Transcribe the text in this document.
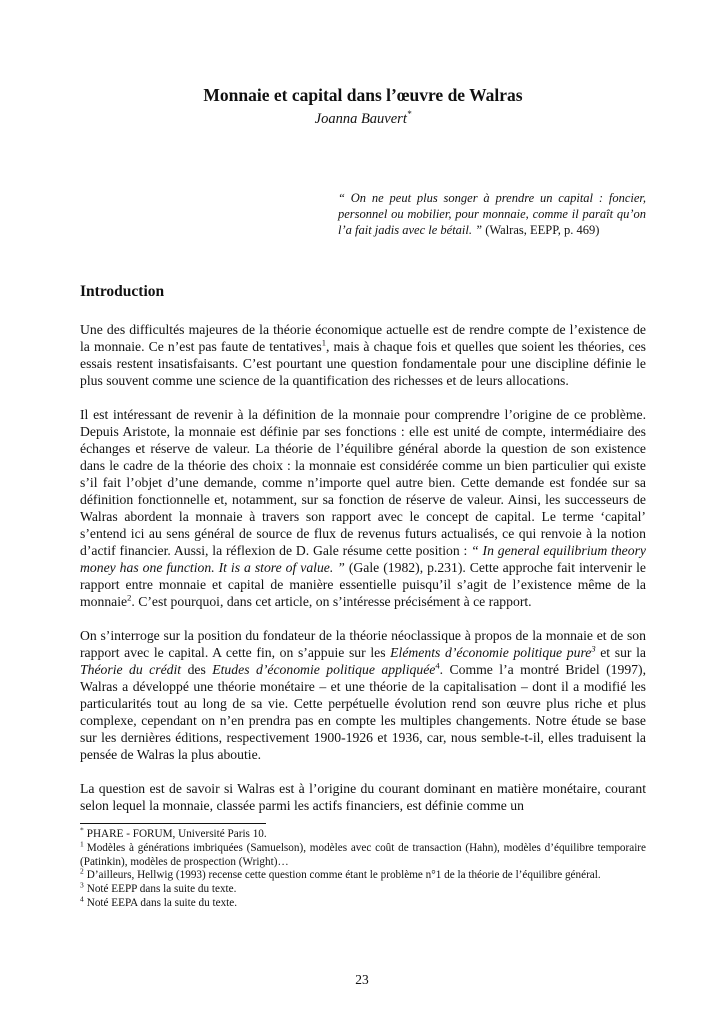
Monnaie et capital dans l’œuvre de Walras
Joanna Bauvert*

“ On ne peut plus songer à prendre un capital : foncier, personnel ou mobilier, pour monnaie, comme il paraît qu’on l’a fait jadis avec le bétail. ” (Walras, EEPP, p. 469)

Introduction

Une des difficultés majeures de la théorie économique actuelle est de rendre compte de l’existence de la monnaie. Ce n’est pas faute de tentatives$^1$, mais à chaque fois et quelles que soient les théories, ces essais restent insatisfaisants. C’est pourtant une question fondamentale pour une discipline définie le plus souvent comme une science de la quantification des richesses et de leurs allocations.

Il est intéressant de revenir à la définition de la monnaie pour comprendre l’origine de ce problème. Depuis Aristote, la monnaie est définie par ses fonctions : elle est unité de compte, intermédiaire des échanges et réserve de valeur. La théorie de l’équilibre général aborde la question de son existence dans le cadre de la théorie des choix : la monnaie est considérée comme un bien particulier qui existe s’il fait l’objet d’une demande, comme n’importe quel autre bien. Cette demande est fondée sur sa définition fonctionnelle et, notamment, sur sa fonction de réserve de valeur. Ainsi, les successeurs de Walras abordent la monnaie à travers son rapport avec le concept de capital. Le terme ‘capital’ s’entend ici au sens général de source de flux de revenus futurs actualisés, ce qui renvoie à la notion d’actif financier. Aussi, la réflexion de D. Gale résume cette position : “ In general equilibrium theory money has one function. It is a store of value. ” (Gale (1982), p.231). Cette approche fait intervenir le rapport entre monnaie et capital de manière essentielle puisqu’il s’agit de l’existence même de la monnaie$^2$. C’est pourquoi, dans cet article, on s’intéresse précisément à ce rapport.

On s’interroge sur la position du fondateur de la théorie néoclassique à propos de la monnaie et de son rapport avec le capital. A cette fin, on s’appuie sur les Eléments d’économie politique pure$^3$ et sur la Théorie du crédit des Etudes d’économie politique appliquée$^4$. Comme l’a montré Bridel (1997), Walras a développé une théorie monétaire – et une théorie de la capitalisation – dont il a modifié les particularités tout au long de sa vie. Cette perpétuelle évolution rend son œuvre plus riche et plus complexe, cependant on n’en prendra pas en compte les multiples changements. Notre étude se base sur les dernières éditions, respectivement 1900-1926 et 1936, car, nous semble-t-il, elles traduisent la pensée de Walras la plus aboutie.

La question est de savoir si Walras est à l’origine du courant dominant en matière monétaire, courant selon lequel la monnaie, classée parmi les actifs financiers, est définie comme un

* PHARE - FORUM, Université Paris 10.
$^1$ Modèles à générations imbriquées (Samuelson), modèles avec coût de transaction (Hahn), modèles d’équilibre temporaire (Patinkin), modèles de prospection (Wright)…
$^2$ D’ailleurs, Hellwig (1993) recense cette question comme étant le problème n°1 de la théorie de l’équilibre général.
$^3$ Noté EEPP dans la suite du texte.
$^4$ Noté EEPA dans la suite du texte.
23
